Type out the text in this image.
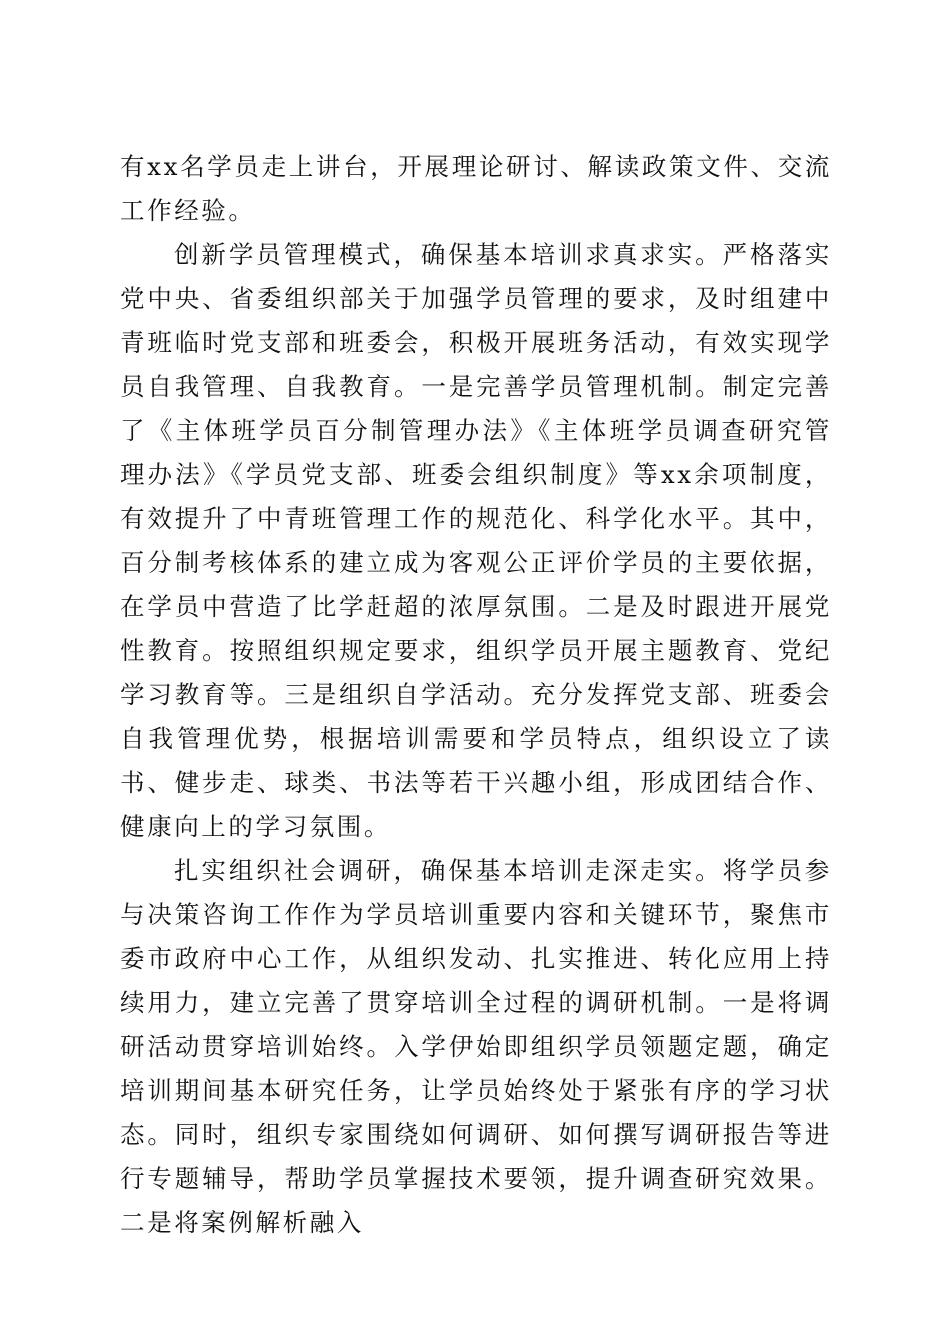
有xx名学员走上讲台，开展理论研讨、解读政策文件、交流工作经验。

创新学员管理模式，确保基本培训求真求实。严格落实党中央、省委组织部关于加强学员管理的要求，及时组建中青班临时党支部和班委会，积极开展班务活动，有效实现学员自我管理、自我教育。一是完善学员管理机制。制定完善了《主体班学员百分制管理办法》《主体班学员调查研究管理办法》《学员党支部、班委会组织制度》等xx余项制度，有效提升了中青班管理工作的规范化、科学化水平。其中，百分制考核体系的建立成为客观公正评价学员的主要依据，在学员中营造了比学赶超的浓厚氛围。二是及时跟进开展党性教育。按照组织规定要求，组织学员开展主题教育、党纪学习教育等。三是组织自学活动。充分发挥党支部、班委会自我管理优势，根据培训需要和学员特点，组织设立了读书、健步走、球类、书法等若干兴趣小组，形成团结合作、健康向上的学习氛围。

扎实组织社会调研，确保基本培训走深走实。将学员参与决策咨询工作作为学员培训重要内容和关键环节，聚焦市委市政府中心工作，从组织发动、扎实推进、转化应用上持续用力，建立完善了贯穿培训全过程的调研机制。一是将调研活动贯穿培训始终。入学伊始即组织学员领题定题，确定培训期间基本研究任务，让学员始终处于紧张有序的学习状态。同时，组织专家围绕如何调研、如何撰写调研报告等进行专题辅导，帮助学员掌握技术要领，提升调查研究效果。二是将案例解析融入
